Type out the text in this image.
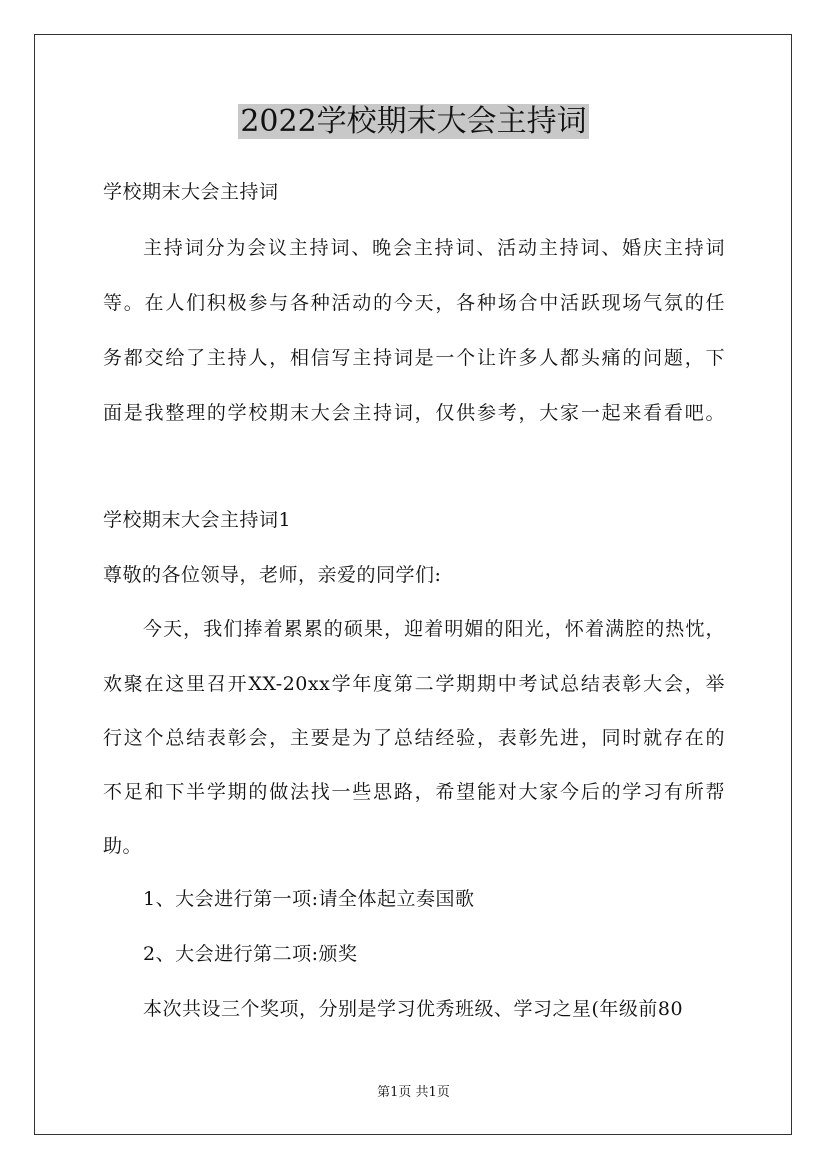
2022学校期末大会主持词
学校期末大会主持词
主持词分为会议主持词、晚会主持词、活动主持词、婚庆主持词
等。在人们积极参与各种活动的今天，各种场合中活跃现场气氛的任
务都交给了主持人，相信写主持词是一个让许多人都头痛的问题，下
面是我整理的学校期末大会主持词，仅供参考，大家一起来看看吧。
学校期末大会主持词1
尊敬的各位领导，老师，亲爱的同学们:
今天，我们捧着累累的硕果，迎着明媚的阳光，怀着满腔的热忱，
欢聚在这里召开XX-20xx学年度第二学期期中考试总结表彰大会，举
行这个总结表彰会，主要是为了总结经验，表彰先进，同时就存在的
不足和下半学期的做法找一些思路，希望能对大家今后的学习有所帮
助。
1、大会进行第一项:请全体起立奏国歌
2、大会进行第二项:颁奖
本次共设三个奖项，分别是学习优秀班级、学习之星(年级前80
第1页 共1页
